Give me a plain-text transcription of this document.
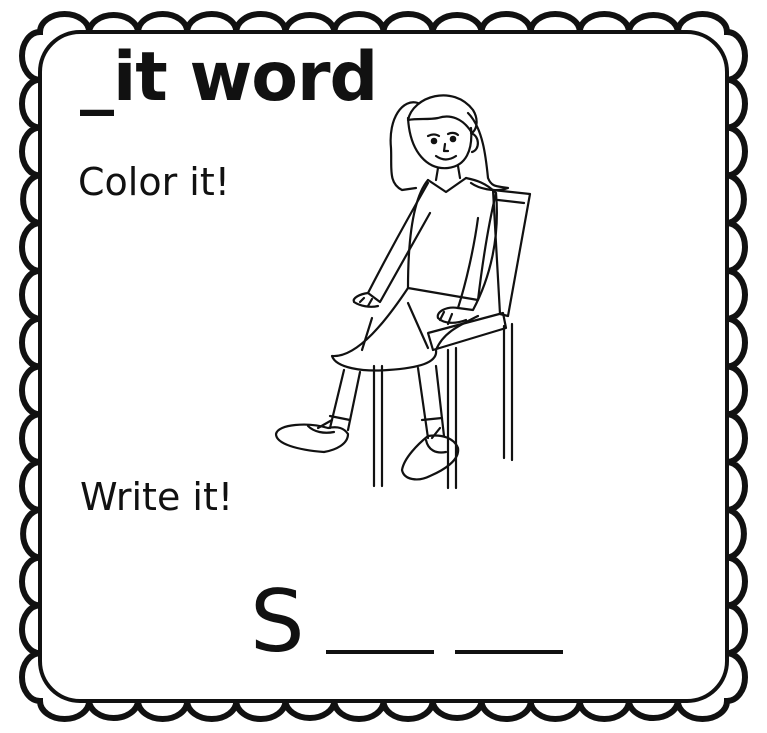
_it word
Color it!
Write it!
S
